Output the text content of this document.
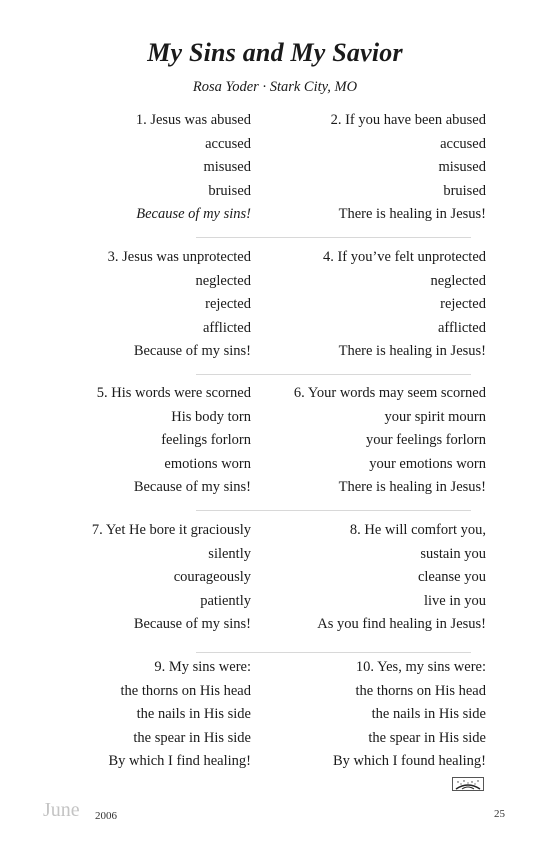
My Sins and My Savior
Rosa Yoder · Stark City, MO
1. Jesus was abused
accused
misused
bruised
Because of my sins!
2. If you have been abused
accused
misused
bruised
There is healing in Jesus!
3. Jesus was unprotected
neglected
rejected
afflicted
Because of my sins!
4. If you’ve felt unprotected
neglected
rejected
afflicted
There is healing in Jesus!
5. His words were scorned
His body torn
feelings forlorn
emotions worn
Because of my sins!
6. Your words may seem scorned
your spirit mourn
your feelings forlorn
your emotions worn
There is healing in Jesus!
7. Yet He bore it graciously
silently
courageously
patiently
Because of my sins!
8. He will comfort you,
sustain you
cleanse you
live in you
As you find healing in Jesus!
9. My sins were:
the thorns on His head
the nails in His side
the spear in His side
By which I find healing!
10. Yes, my sins were:
the thorns on His head
the nails in His side
the spear in His side
By which I found healing!
June 2006	25
